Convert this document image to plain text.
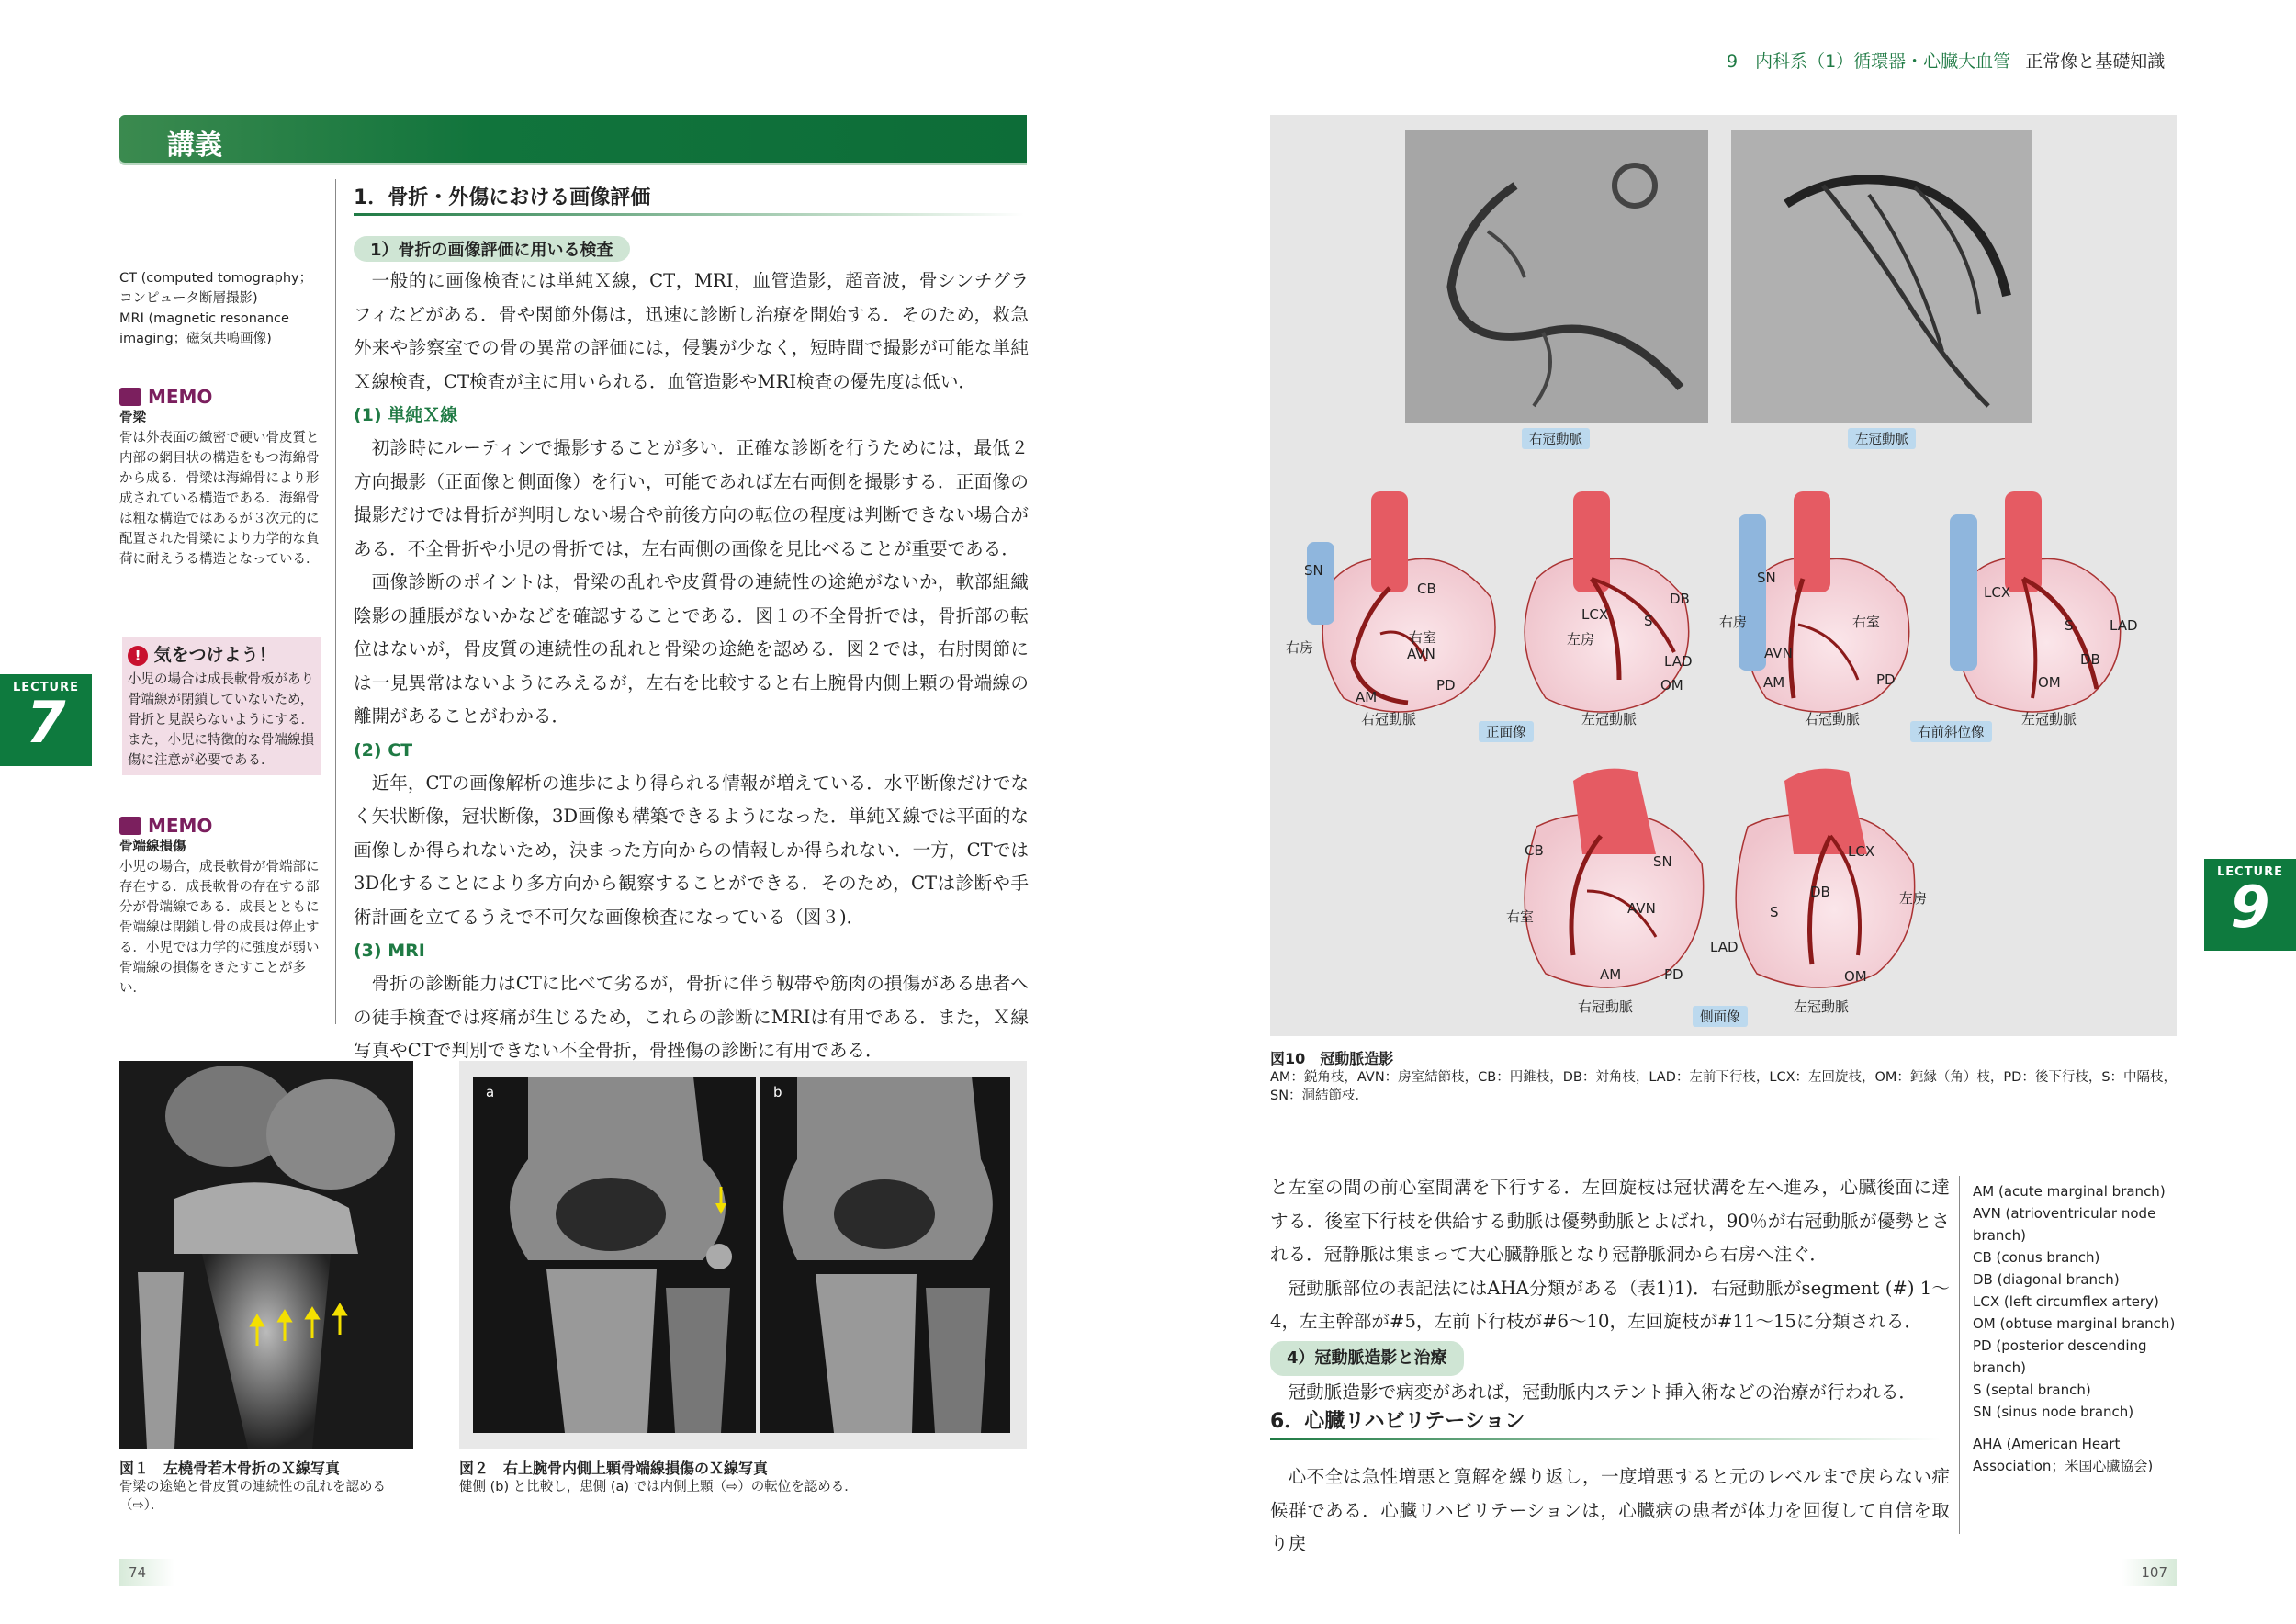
講義
1．骨折・外傷における画像評価
1）骨折の画像評価に用いる検査

一般的に画像検査には単純Ｘ線，CT，MRI，血管造影，超音波，骨シンチグラフィなどがある．骨や関節外傷は，迅速に診断し治療を開始する．そのため，救急外来や診察室での骨の異常の評価には，侵襲が少なく，短時間で撮影が可能な単純Ｘ線検査，CT検査が主に用いられる．血管造影やMRI検査の優先度は低い．

(1) 単純Ｘ線

初診時にルーティンで撮影することが多い．正確な診断を行うためには，最低２方向撮影（正面像と側面像）を行い，可能であれば左右両側を撮影する．正面像の撮影だけでは骨折が判明しない場合や前後方向の転位の程度は判断できない場合がある．不全骨折や小児の骨折では，左右両側の画像を見比べることが重要である．

画像診断のポイントは，骨梁の乱れや皮質骨の連続性の途絶がないか，軟部組織陰影の腫脹がないかなどを確認することである．図１の不全骨折では，骨折部の転位はないが，骨皮質の連続性の乱れと骨梁の途絶を認める．図２では，右肘関節には一見異常はないようにみえるが，左右を比較すると右上腕骨内側上顆の骨端線の離開があることがわかる．

(2) CT

近年，CTの画像解析の進歩により得られる情報が増えている．水平断像だけでなく矢状断像，冠状断像，3D画像も構築できるようになった．単純Ｘ線では平面的な画像しか得られないため，決まった方向からの情報しか得られない．一方，CTでは3D化することにより多方向から観察することができる．そのため，CTは診断や手術計画を立てるうえで不可欠な画像検査になっている（図３)．

(3) MRI

骨折の診断能力はCTに比べて劣るが，骨折に伴う靱帯や筋肉の損傷がある患者への徒手検査では疼痛が生じるため，これらの診断にMRIは有用である．また，Ｘ線写真やCTで判別できない不全骨折，骨挫傷の診断に有用である．

CT (computed tomography；コンピュータ断層撮影)
MRI (magnetic resonance imaging；磁気共鳴画像)
MEMO
骨梁
骨は外表面の緻密で硬い骨皮質と内部の網目状の構造をもつ海綿骨から成る．骨梁は海綿骨により形成されている構造である．海綿骨は粗な構造ではあるが３次元的に配置された骨梁により力学的な負荷に耐えうる構造となっている．
! 気をつけよう！
小児の場合は成長軟骨板があり骨端線が閉鎖していないため，骨折と見誤らないようにする．また，小児に特徴的な骨端線損傷に注意が必要である．
MEMO
骨端線損傷
小児の場合，成長軟骨が骨端部に存在する．成長軟骨の存在する部分が骨端線である．成長とともに骨端線は閉鎖し骨の成長は停止する．小児では力学的に強度が弱い骨端線の損傷をきたすことが多い．
LECTURE
7
図１　左橈骨若木骨折のＸ線写真
骨梁の途絶と骨皮質の連続性の乱れを認める（⇨）．
a	b
図２　右上腕骨内側上顆骨端線損傷のＸ線写真
健側 (b) と比較し，患側 (a) では内側上顆（⇨）の転位を認める．
74
9　内科系（1）循環器・心臓大血管 正常像と基礎知識
右冠動脈	左冠動脈
SN
CB
右房
右室
AVN
AM
PD
右冠動脈
LCX
DB
左房
S
LAD
OM
左冠動脈
SN
右房	右室
AVN
AM	PD
右冠動脈
LCX
S	LAD
DB
OM
左冠動脈
CB
SN
右室	AVN
AM	PD
右冠動脈
LCX
DB	左房
S
LAD
OM
左冠動脈
正面像	右前斜位像
側面像
図10　冠動脈造影
AM：鋭角枝，AVN：房室結節枝，CB：円錐枝，DB：対角枝，LAD：左前下行枝，LCX：左回旋枝，OM：鈍縁（角）枝，PD：後下行枝，S：中隔枝，SN：洞結節枝．
と左室の間の前心室間溝を下行する．左回旋枝は冠状溝を左へ進み，心臓後面に達する．後室下行枝を供給する動脈は優勢動脈とよばれ，90％が右冠動脈が優勢とされる．冠静脈は集まって大心臓静脈となり冠静脈洞から右房へ注ぐ．

冠動脈部位の表記法にはAHA分類がある（表1)1)．右冠動脈がsegment (#) 1〜4，左主幹部が#5，左前下行枝が#6〜10，左回旋枝が#11〜15に分類される．

4）冠動脈造影と治療

冠動脈造影で病変があれば，冠動脈内ステント挿入術などの治療が行われる．

6．心臓リハビリテーション

心不全は急性増悪と寛解を繰り返し，一度増悪すると元のレベルまで戻らない症候群である．心臓リハビリテーションは，心臓病の患者が体力を回復して自信を取り戻

AM (acute marginal branch)
AVN (atrioventricular node branch)
CB (conus branch)
DB (diagonal branch)
LCX (left circumflex artery)
OM (obtuse marginal branch)
PD (posterior descending branch)
S (septal branch)
SN (sinus node branch)
AHA (American Heart Association；米国心臓協会)
LECTURE
9
107
